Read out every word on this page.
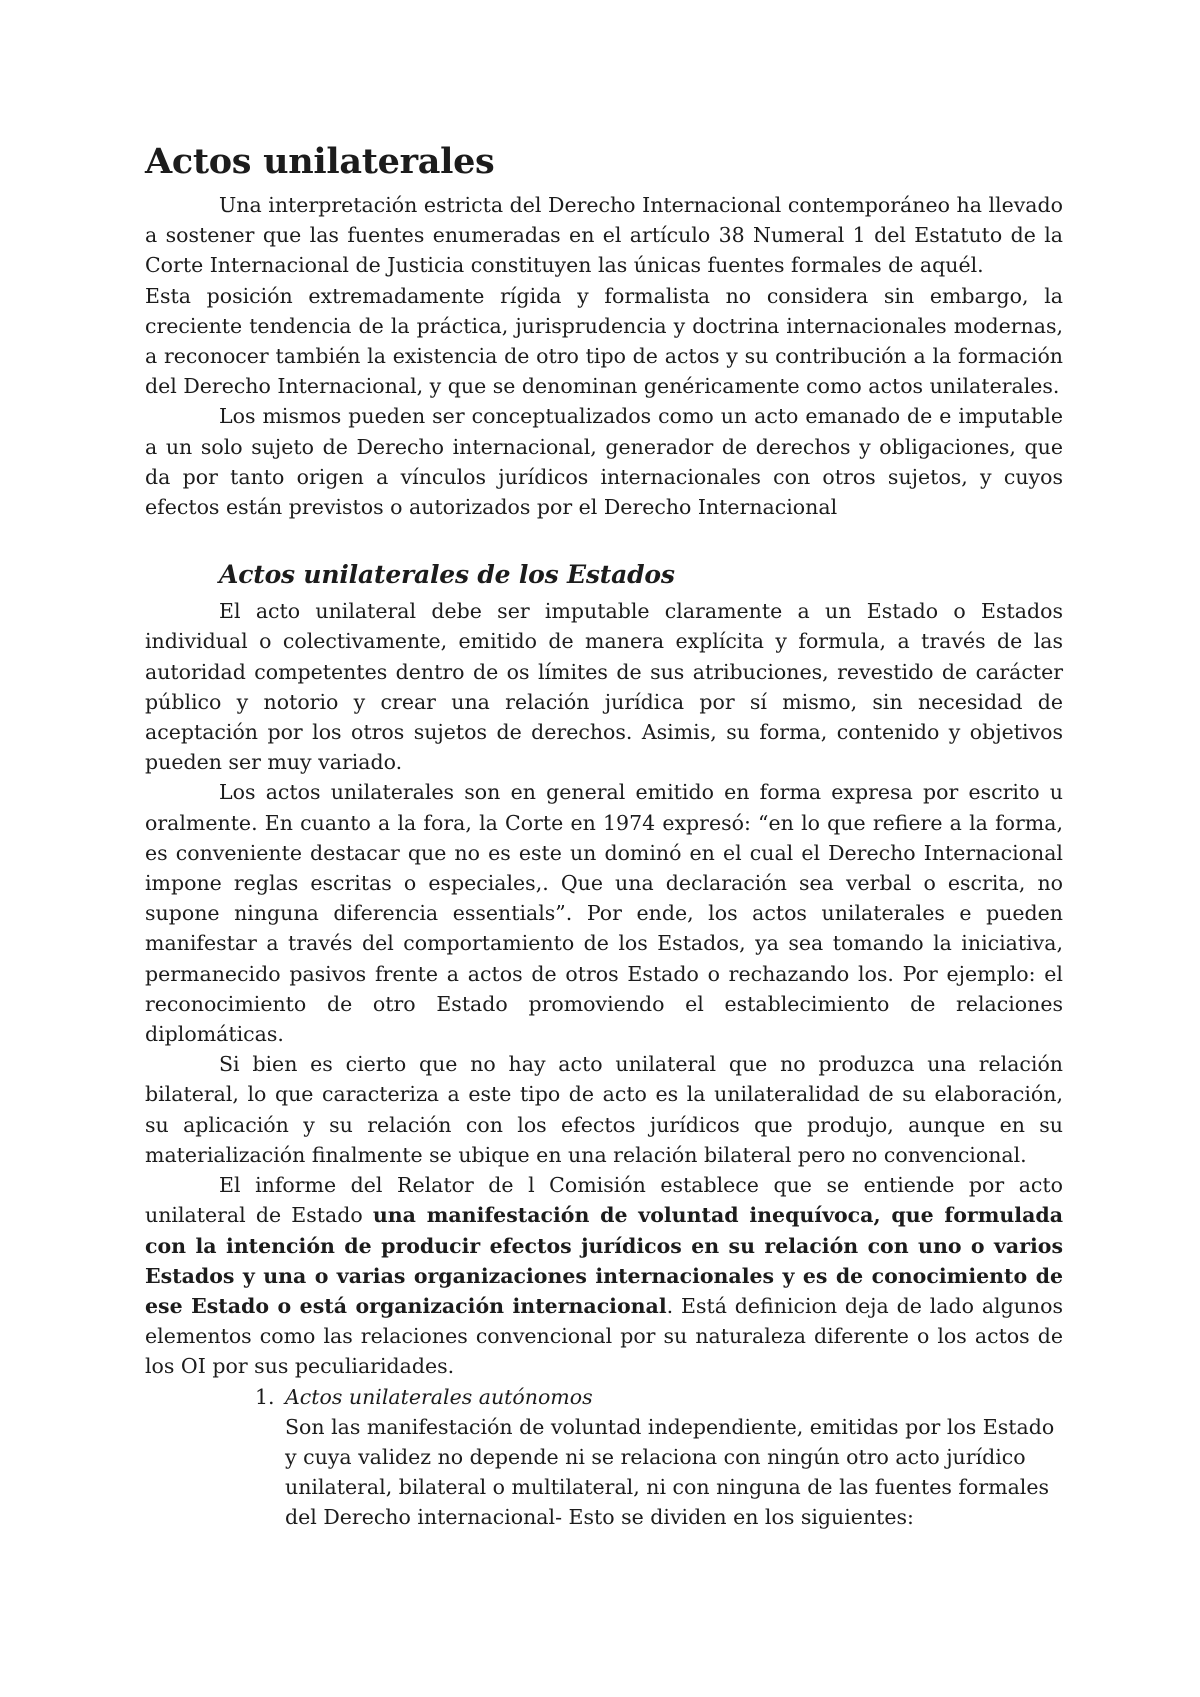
Actos unilaterales

Una interpretación estricta del Derecho Internacional contemporáneo ha llevado a sostener que las fuentes enumeradas en el artículo 38 Numeral 1 del Estatuto de la Corte Internacional de Justicia constituyen las únicas fuentes formales de aquél.

Esta posición extremadamente rígida y formalista no considera sin embargo, la creciente tendencia de la práctica, jurisprudencia y doctrina internacionales modernas, a reconocer también la existencia de otro tipo de actos y su contribución a la formación del Derecho Internacional, y que se denominan genéricamente como actos unilaterales.

Los mismos pueden ser conceptualizados como un acto emanado de e imputable a un solo sujeto de Derecho internacional, generador de derechos y obligaciones, que da por tanto origen a vínculos jurídicos internacionales con otros sujetos, y cuyos efectos están previstos o autorizados por el Derecho Internacional

Actos unilaterales de los Estados

El acto unilateral debe ser imputable claramente a un Estado o Estados individual o colectivamente, emitido de manera explícita y formula, a través de las autoridad competentes dentro de os límites de sus atribuciones, revestido de carácter público y notorio y crear una relación jurídica por sí mismo, sin necesidad de aceptación por los otros sujetos de derechos. Asimis, su forma, contenido y objetivos pueden ser muy variado.

Los actos unilaterales son en general emitido en forma expresa por escrito u oralmente. En cuanto a la fora, la Corte en 1974 expresó: “en lo que refiere a la forma, es conveniente destacar que no es este un dominó en el cual el Derecho Internacional impone reglas escritas o especiales,. Que una declaración sea verbal o escrita, no supone ninguna diferencia essentials”. Por ende, los actos unilaterales e pueden manifestar a través del comportamiento de los Estados, ya sea tomando la iniciativa, permanecido pasivos frente a actos de otros Estado o rechazando los. Por ejemplo: el reconocimiento de otro Estado promoviendo el establecimiento de relaciones diplomáticas.

Si bien es cierto que no hay acto unilateral que no produzca una relación bilateral, lo que caracteriza a este tipo de acto es la unilateralidad de su elaboración, su aplicación y su relación con los efectos jurídicos que produjo, aunque en su materialización finalmente se ubique en una relación bilateral pero no convencional.

El informe del Relator de l Comisión establece que se entiende por acto unilateral de Estado una manifestación de voluntad inequívoca, que formulada con la intención de producir efectos jurídicos en su relación con uno o varios Estados y una o varias organizaciones internacionales y es de conocimiento de ese Estado o está organización internacional. Está definicion deja de lado algunos elementos como las relaciones convencional por su naturaleza diferente o los actos de los OI por sus peculiaridades.

1. Actos unilaterales autónomos
Son las manifestación de voluntad independiente, emitidas por los Estado y cuya validez no depende ni se relaciona con ningún otro acto jurídico unilateral, bilateral o multilateral, ni con ninguna de las fuentes formales del Derecho internacional- Esto se dividen en los siguientes:
